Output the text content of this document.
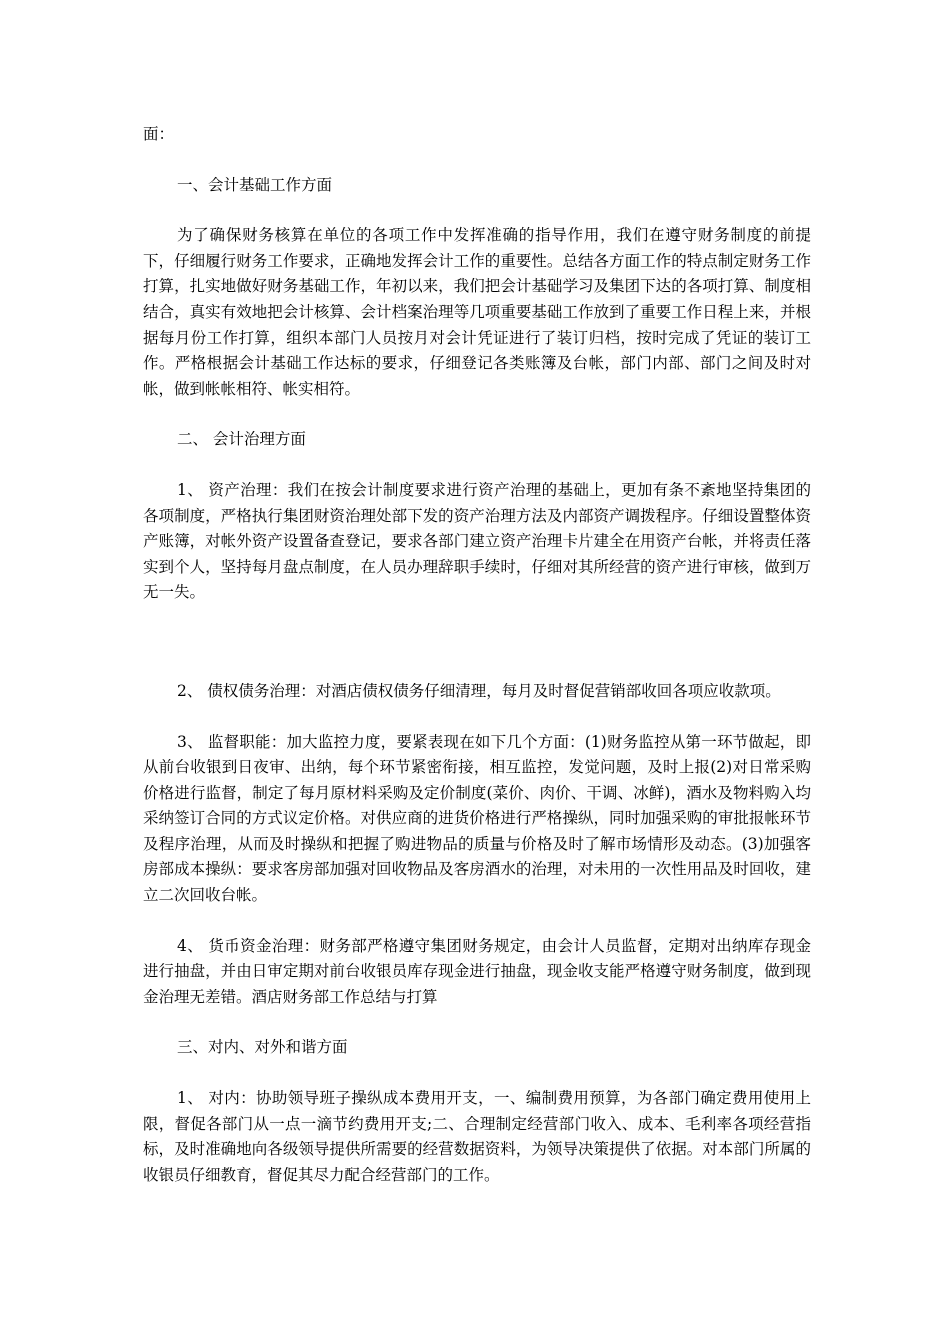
面：

一、会计基础工作方面

为了确保财务核算在单位的各项工作中发挥准确的指导作用，我们在遵守财务制度的前提下，仔细履行财务工作要求，正确地发挥会计工作的重要性。总结各方面工作的特点制定财务工作打算，扎实地做好财务基础工作，年初以来，我们把会计基础学习及集团下达的各项打算、制度相结合，真实有效地把会计核算、会计档案治理等几项重要基础工作放到了重要工作日程上来，并根据每月份工作打算，组织本部门人员按月对会计凭证进行了装订归档，按时完成了凭证的装订工作。严格根据会计基础工作达标的要求，仔细登记各类账簿及台帐，部门内部、部门之间及时对帐，做到帐帐相符、帐实相符。

二、 会计治理方面

1、 资产治理：我们在按会计制度要求进行资产治理的基础上，更加有条不紊地坚持集团的各项制度，严格执行集团财资治理处部下发的资产治理方法及内部资产调拨程序。仔细设置整体资产账簿，对帐外资产设置备查登记，要求各部门建立资产治理卡片建全在用资产台帐，并将责任落实到个人，坚持每月盘点制度，在人员办理辞职手续时，仔细对其所经营的资产进行审核，做到万无一失。

2、 债权债务治理：对酒店债权债务仔细清理，每月及时督促营销部收回各项应收款项。

3、 监督职能：加大监控力度，要紧表现在如下几个方面：(1)财务监控从第一环节做起，即从前台收银到日夜审、出纳，每个环节紧密衔接，相互监控，发觉问题，及时上报(2)对日常采购价格进行监督，制定了每月原材料采购及定价制度(菜价、肉价、干调、冰鲜)，酒水及物料购入均采纳签订合同的方式议定价格。对供应商的进货价格进行严格操纵，同时加强采购的审批报帐环节及程序治理，从而及时操纵和把握了购进物品的质量与价格及时了解市场情形及动态。(3)加强客房部成本操纵：要求客房部加强对回收物品及客房酒水的治理，对未用的一次性用品及时回收，建立二次回收台帐。

4、 货币资金治理：财务部严格遵守集团财务规定，由会计人员监督，定期对出纳库存现金进行抽盘，并由日审定期对前台收银员库存现金进行抽盘，现金收支能严格遵守财务制度，做到现金治理无差错。酒店财务部工作总结与打算

三、对内、对外和谐方面

1、 对内：协助领导班子操纵成本费用开支，一、编制费用预算，为各部门确定费用使用上限，督促各部门从一点一滴节约费用开支;二、合理制定经营部门收入、成本、毛利率各项经营指标，及时准确地向各级领导提供所需要的经营数据资料，为领导决策提供了依据。对本部门所属的收银员仔细教育，督促其尽力配合经营部门的工作。
